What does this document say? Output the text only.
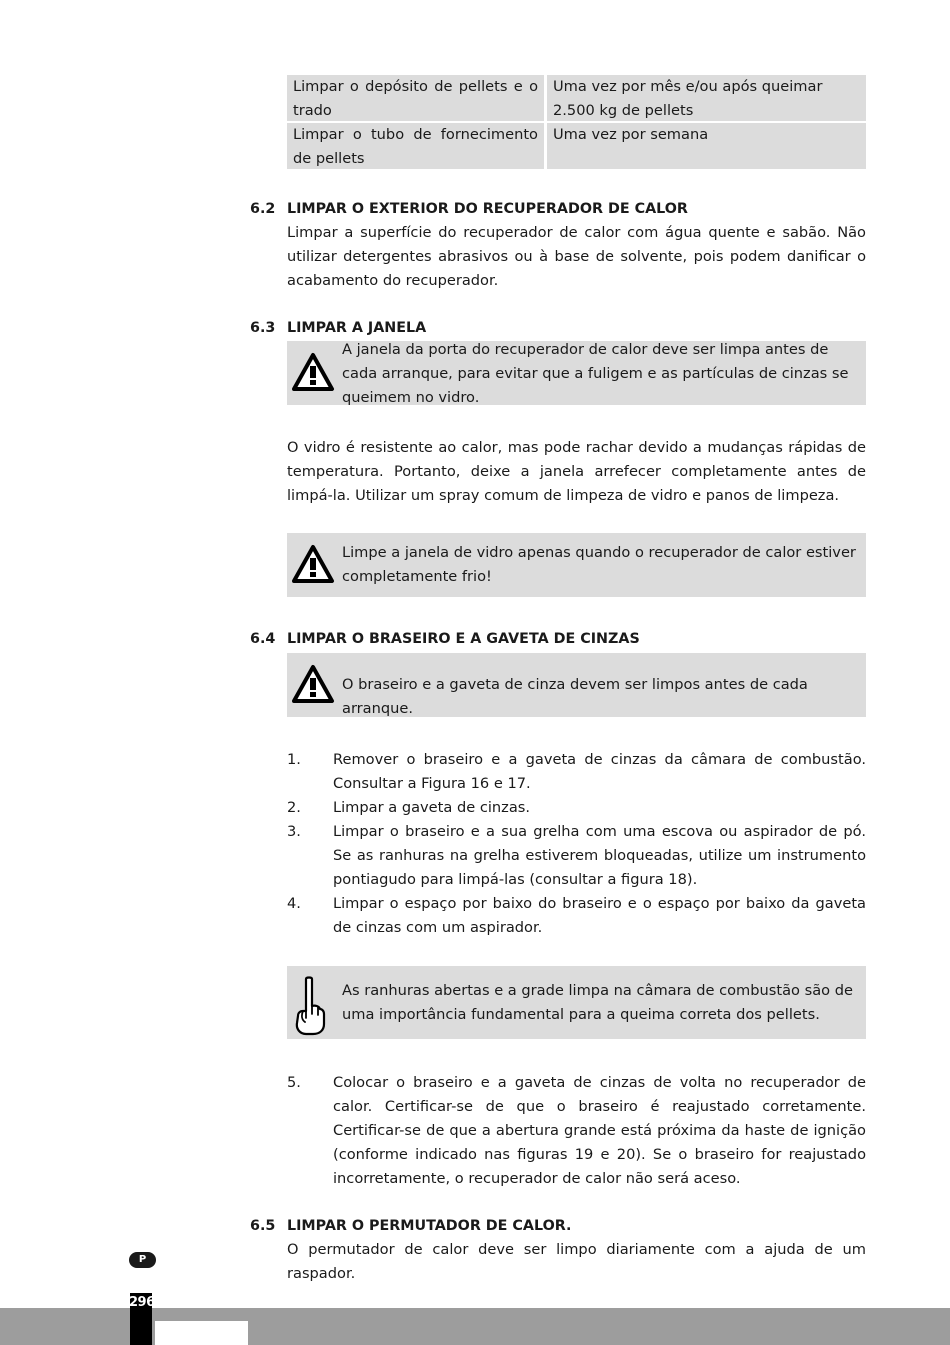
Limpar o depósito de pellets e o trado
Uma vez por mês e/ou após queimar 2.500 kg de pellets
Limpar o tubo de fornecimento de pellets
Uma vez por semana
6.2 LIMPAR O EXTERIOR DO RECUPERADOR DE CALOR
Limpar a superfície do recuperador de calor com água quente e sabão. Não utilizar detergentes abrasivos ou à base de solvente, pois podem danificar o acabamento do recuperador.
6.3 LIMPAR A JANELA
A janela da porta do recuperador de calor deve ser limpa antes de cada arranque, para evitar que a fuligem e as partículas de cinzas se queimem no vidro.
O vidro é resistente ao calor, mas pode rachar devido a mudanças rápidas de temperatura. Portanto, deixe a janela arrefecer completamente antes de limpá-la. Utilizar um spray comum de limpeza de vidro e panos de limpeza.
Limpe a janela de vidro apenas quando o recuperador de calor estiver completamente frio!
6.4 LIMPAR O BRASEIRO E A GAVETA DE CINZAS
O braseiro e a gaveta de cinza devem ser limpos antes de cada arranque.
1. Remover o braseiro e a gaveta de cinzas da câmara de combustão. Consultar a Figura 16 e 17.
2. Limpar a gaveta de cinzas.
3. Limpar o braseiro e a sua grelha com uma escova ou aspirador de pó. Se as ranhuras na grelha estiverem bloqueadas, utilize um instrumento pontiagudo para limpá-las (consultar a figura 18).
4. Limpar o espaço por baixo do braseiro e o espaço por baixo da gaveta de cinzas com um aspirador.
As ranhuras abertas e a grade limpa na câmara de combustão são de uma importância fundamental para a queima correta dos pellets.
5. Colocar o braseiro e a gaveta de cinzas de volta no recuperador de calor. Certificar-se de que o braseiro é reajustado corretamente. Certificar-se de que a abertura grande está próxima da haste de ignição (conforme indicado nas figuras 19 e 20). Se o braseiro for reajustado incorretamente, o recuperador de calor não será aceso.
6.5 LIMPAR O PERMUTADOR DE CALOR.
O permutador de calor deve ser limpo diariamente com a ajuda de um raspador.
P
296
